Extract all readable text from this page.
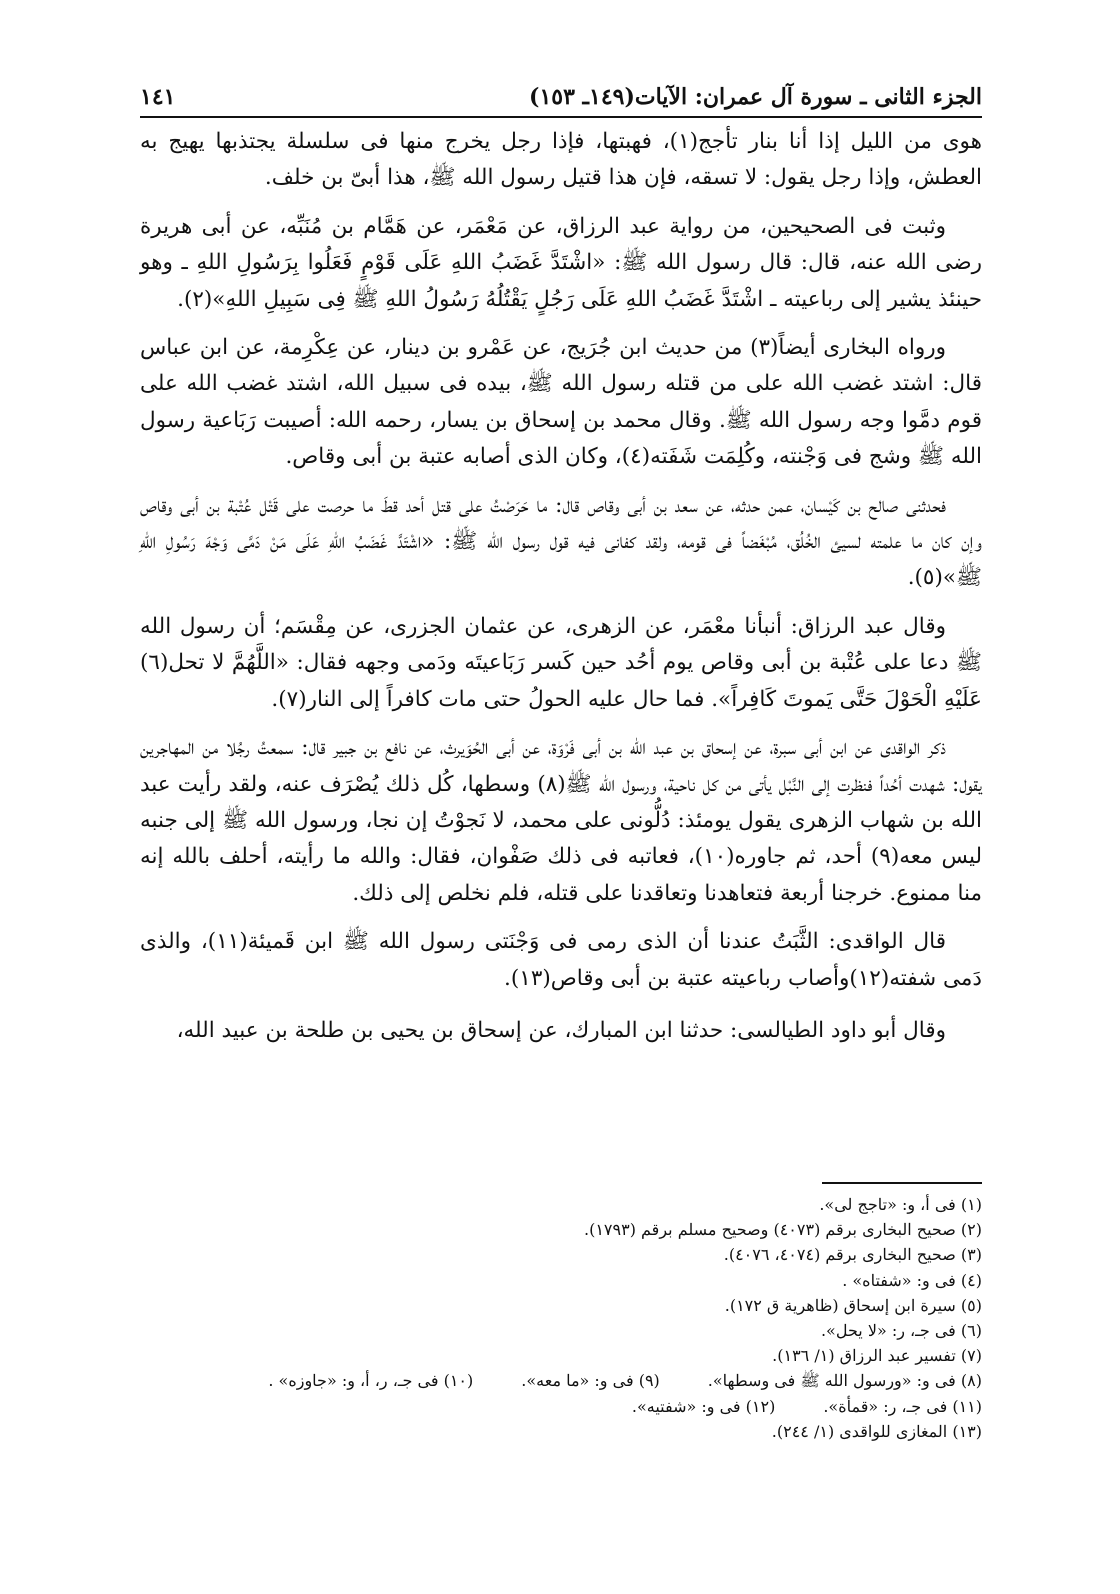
الجزء الثانى ـ سورة آل عمران: الآيات(١٤٩ـ ١٥٣)
١٤١

هوى من الليل إذا أنا بنار تأجج(١)، فهبتها، فإذا رجل يخرج منها فى سلسلة يجتذبها يهيج به العطش، وإذا رجل يقول: لا تسقه، فإن هذا قتيل رسول الله ﷺ، هذا أبىّ بن خلف.

وثبت فى الصحيحين، من رواية عبد الرزاق، عن مَعْمَر، عن هَمَّام بن مُنَبِّه، عن أبى هريرة رضى الله عنه، قال: قال رسول الله ﷺ: «اشْتَدَّ غَضَبُ اللهِ عَلَى قَوْمٍ فَعَلُوا بِرَسُولِ اللهِ ـ وهو حينئذ يشير إلى رباعيته ـ اشْتَدَّ غَضَبُ اللهِ عَلَى رَجُلٍ يَقْتُلُهُ رَسُولُ اللهِ ﷺ فِى سَبِيلِ اللهِ»(٢).

ورواه البخارى أيضاً(٣) من حديث ابن جُرَيج، عن عَمْرو بن دينار، عن عِكْرِمة، عن ابن عباس قال: اشتد غضب الله على من قتله رسول الله ﷺ، بيده فى سبيل الله، اشتد غضب الله على قوم دمَّوا وجه رسول الله ﷺ. وقال محمد بن إسحاق بن يسار، رحمه الله: أصيبت رَبَاعية رسول الله ﷺ وشج فى وَجْنته، وكُلِمَت شَفَته(٤)، وكان الذى أصابه عتبة بن أبى وقاص.

فحدثنى صالح بن كَيْسان، عمن حدثه، عن سعد بن أبى وقاص قال: ما حَرَصْتُ على قتل أحد قطَ ما حرصت على قَتْل عُتْبة بن أبى وقاص وإن كان ما علمته لسيئ الخُلُق، مُبْغَضاً فى قومه، ولقد كفانى فيه قول رسول الله ﷺ: «اشْتَدَّ غَضَبُ اللهِ عَلَى مَنْ دَمَّى وَجْهَ رَسُولِ اللهِ ﷺ»(٥).

وقال عبد الرزاق: أنبأنا معْمَر، عن الزهرى، عن عثمان الجزرى، عن مِقْسَم؛ أن رسول الله ﷺ دعا على عُتْبة بن أبى وقاص يوم أحُد حين كَسر رَبَاعيتَه ودَمى وجهه فقال: «اللَّهُمَّ لا تحل(٦) عَلَيْهِ الْحَوْلَ حَتَّى يَموتَ كَافِراً». فما حال عليه الحولُ حتى مات كافراً إلى النار(٧).

ذكر الواقدى عن ابن أبى سبرة، عن إسحاق بن عبد الله بن أبى فَرْوَة، عن أبى الحُوَيرث، عن نافع بن جبير قال: سمعتُ رجُلا من المهاجرين يقول: شهدت أحُداً فنظرت إلى النَّبْل يأتى من كل ناحية، ورسول الله ﷺ(٨) وسطها، كُل ذلك يُصْرَف عنه، ولقد رأيت عبد الله بن شهاب الزهرى يقول يومئذ: دُلُّونى على محمد، لا نَجوْتُ إن نجا، ورسول الله ﷺ إلى جنبه ليس معه(٩) أحد، ثم جاوره(١٠)، فعاتبه فى ذلك صَفْوان، فقال: والله ما رأيته، أحلف بالله إنه منا ممنوع. خرجنا أربعة فتعاهدنا وتعاقدنا على قتله، فلم نخلص إلى ذلك.

قال الواقدى: الثَّبَتُ عندنا أن الذى رمى فى وَجْنَتى رسول الله ﷺ ابن قَميئة(١١)، والذى دَمى شفته(١٢)وأصاب رباعيته عتبة بن أبى وقاص(١٣).

وقال أبو داود الطيالسى: حدثنا ابن المبارك، عن إسحاق بن يحيى بن طلحة بن عبيد الله،

(١) فى أ، و: «تاجج لى».

(٢) صحيح البخارى برقم (٤٠٧٣) وصحيح مسلم برقم (١٧٩٣).

(٣) صحيح البخارى برقم (٤٠٧٤، ٤٠٧٦).

(٤) فى و: «شفتاه» .

(٥) سيرة ابن إسحاق (ظاهرية ق ١٧٢).

(٦) فى جـ، ر: «لا يحل».

(٧) تفسير عبد الرزاق (١/ ١٣٦).

(٨) فى و: «ورسول الله ﷺ فى وسطها».

(٩) فى و: «ما معه».

(١٠) فى جـ، ر، أ، و: «جاوزه» .

(١١) فى جـ، ر: «قمأة».

(١٢) فى و: «شفتيه».

(١٣) المغازى للواقدى (١/ ٢٤٤).
